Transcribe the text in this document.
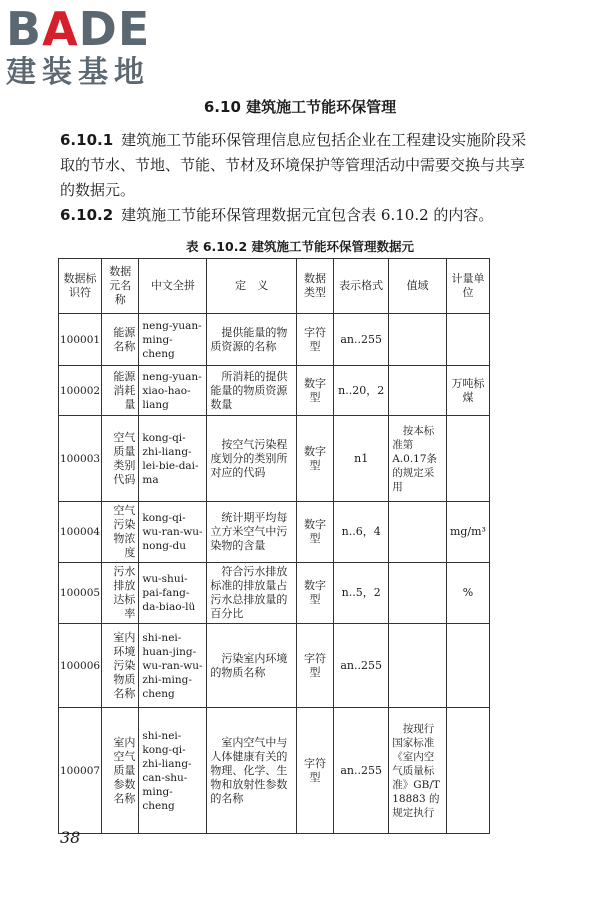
BADE
建装基地
6.10 建筑施工节能环保管理
6.10.1 建筑施工节能环保管理信息应包括企业在工程建设实施阶段采取的节水、节地、节能、节材及环境保护等管理活动中需要交换与共享的数据元。
6.10.2 建筑施工节能环保管理数据元宜包含表 6.10.2 的内容。
表 6.10.2 建筑施工节能环保管理数据元
数据标识符	数据元名称	中文全拼	定　义	数据类型	表示格式	值域	计量单位
100001	能源名称	neng-yuan-ming-cheng	提供能量的物质资源的名称	字符型	an..255		
100002	能源消耗量	neng-yuan-xiao-hao-liang	所消耗的提供能量的物质资源数量	数字型	n..20，2		万吨标煤
100003	空气质量类别代码	kong-qi-zhi-liang-lei-bie-dai-ma	按空气污染程度划分的类别所对应的代码	数字型	n1	按本标准第A.0.17条的规定采用	
100004	空气污染物浓度	kong-qi-wu-ran-wu-nong-du	统计期平均每立方米空气中污染物的含量	数字型	n..6，4		mg/m³
100005	污水排放达标率	wu-shui-pai-fang-da-biao-lü	符合污水排放标准的排放量占污水总排放量的百分比	数字型	n..5，2		%
100006	室内环境污染物质名称	shi-nei-huan-jing-wu-ran-wu-zhi-ming-cheng	污染室内环境的物质名称	字符型	an..255		
100007	室内空气质量参数名称	shi-nei-kong-qi-zhi-liang-can-shu-ming-cheng	室内空气中与人体健康有关的物理、化学、生物和放射性参数的名称	字符型	an..255	按现行国家标准《室内空气质量标准》GB/T 18883 的规定执行	
38
